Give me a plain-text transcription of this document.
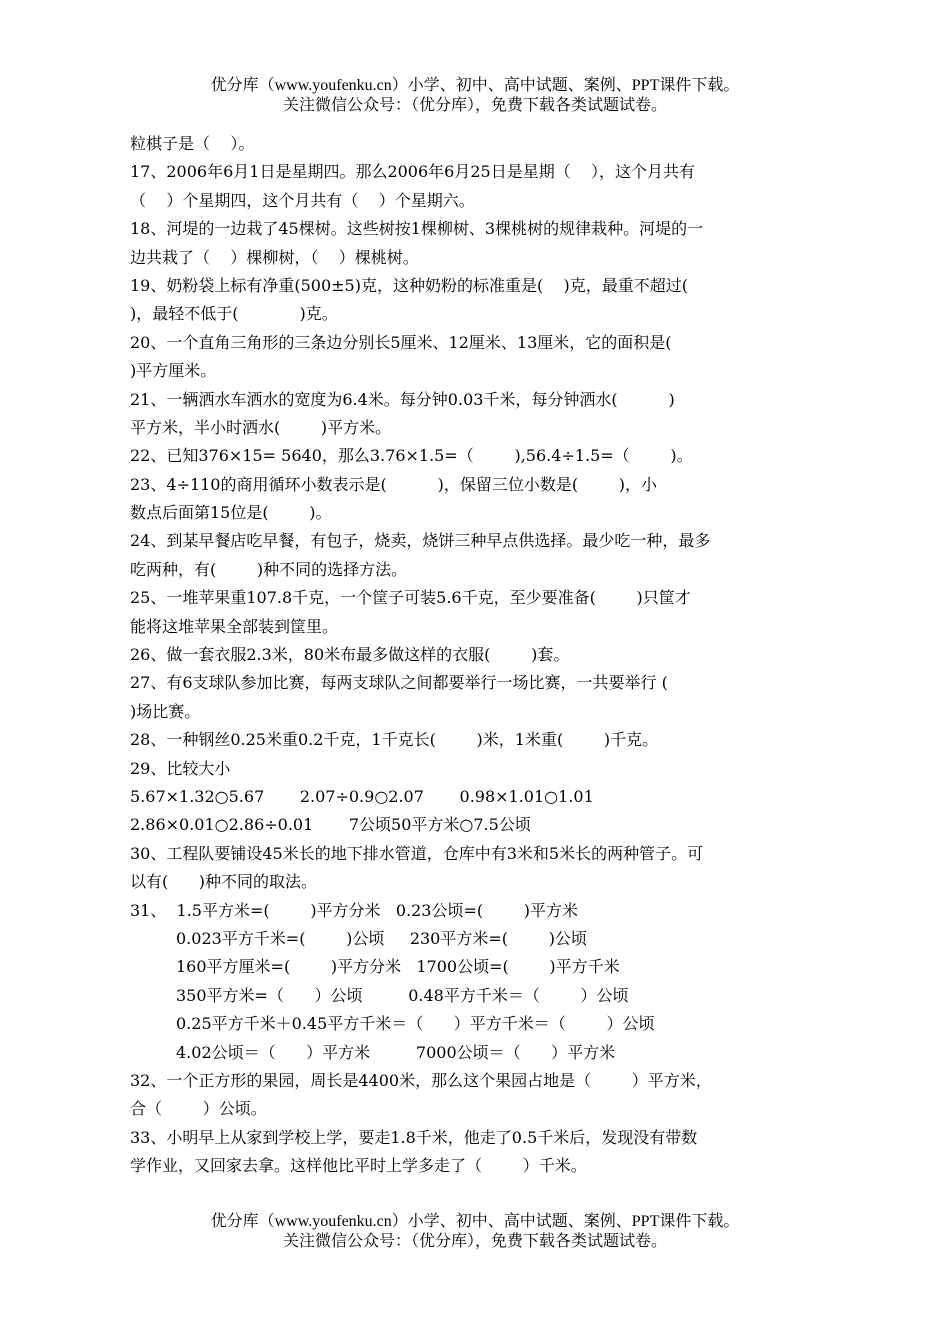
优分库（www.youfenku.cn）小学、初中、高中试题、案例、PPT课件下载。
关注微信公众号：（优分库），免费下载各类试题试卷。
粒棋子是（    ）。
17、2006年6月1日是星期四。那么2006年6月25日是星期（    ），这个月共有
（    ）个星期四，这个月共有（    ）个星期六。
18、河堤的一边栽了45棵树。这些树按1棵柳树、3棵桃树的规律栽种。河堤的一
边共栽了（    ）棵柳树，（    ）棵桃树。
19、奶粉袋上标有净重(500±5)克，这种奶粉的标准重是(    )克，最重不超过(
)，最轻不低于(            )克。
20、一个直角三角形的三条边分别长5厘米、12厘米、13厘米，它的面积是(
)平方厘米。
21、一辆洒水车洒水的宽度为6.4米。每分钟0.03千米，每分钟洒水(          )
平方米，半小时洒水(        )平方米。
22、已知376×15= 5640，那么3.76×1.5=（        ),56.4÷1.5=（        )。
23、4÷110的商用循环小数表示是(          )，保留三位小数是(        )，小
数点后面第15位是(        )。
24、到某早餐店吃早餐，有包子，烧卖，烧饼三种早点供选择。最少吃一种，最多
吃两种，有(        )种不同的选择方法。
25、一堆苹果重107.8千克，一个筐子可装5.6千克，至少要准备(        )只筐才
能将这堆苹果全部装到筐里。
26、做一套衣服2.3米，80米布最多做这样的衣服(        )套。
27、有6支球队参加比赛，每两支球队之间都要举行一场比赛，一共要举行 (
)场比赛。
28、一种钢丝0.25米重0.2千克，1千克长(        )米，1米重(        )千克。
29、比较大小
5.67×1.32○5.67       2.07÷0.9○2.07       0.98×1.01○1.01
2.86×0.01○2.86÷0.01       7公顷50平方米○7.5公顷
30、工程队要铺设45米长的地下排水管道，仓库中有3米和5米长的两种管子。可
以有(      )种不同的取法。
31、  1.5平方米=(        )平方分米   0.23公顷=(        )平方米
0.023平方千米=(        )公顷     230平方米=(        )公顷
160平方厘米=(        )平方分米   1700公顷=(        )平方千米
350平方米=（      ）公顷         0.48平方千米＝（        ）公顷
0.25平方千米＋0.45平方千米＝（      ）平方千米＝（        ）公顷
4.02公顷＝（      ）平方米         7000公顷＝（      ）平方米
32、一个正方形的果园，周长是4400米，那么这个果园占地是（        ）平方米，
合（        ）公顷。
33、小明早上从家到学校上学，要走1.8千米，他走了0.5千米后，发现没有带数
学作业，又回家去拿。这样他比平时上学多走了（        ）千米。
优分库（www.youfenku.cn）小学、初中、高中试题、案例、PPT课件下载。
关注微信公众号：（优分库），免费下载各类试题试卷。
